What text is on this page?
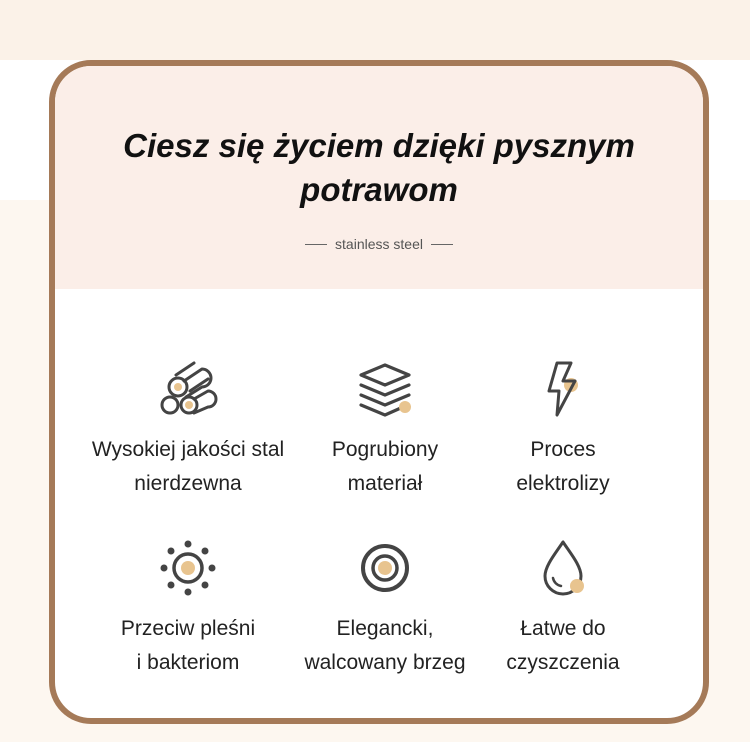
Ciesz się życiem dzięki pysznym potrawom
stainless steel
Wysokiej jakości stal
nierdzewna
Pogrubiony
materiał
Proces
elektrolizy
Przeciw pleśni
i bakteriom
Elegancki,
walcowany brzeg
Łatwe do
czyszczenia
